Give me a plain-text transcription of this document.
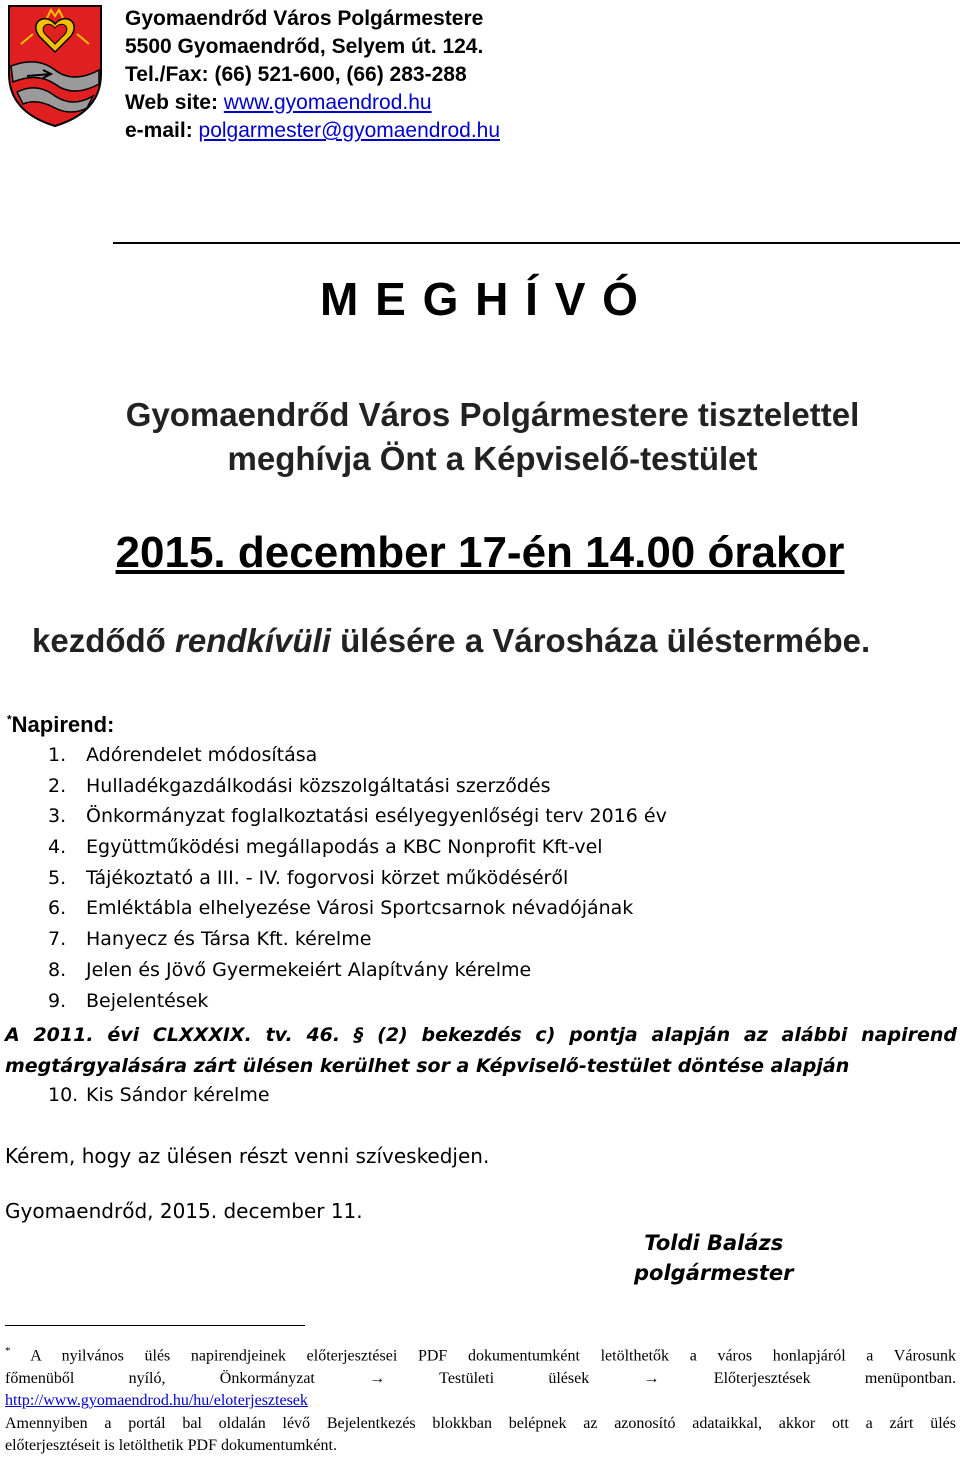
Gyomaendrőd Város Polgármestere
5500 Gyomaendrőd, Selyem út. 124.
Tel./Fax: (66) 521-600, (66) 283-288
Web site: www.gyomaendrod.hu
e-mail: polgarmester@gyomaendrod.hu
M E G H Í V Ó
Gyomaendrőd Város Polgármestere tisztelettel
meghívja Önt a Képviselő-testület
2015. december 17-én 14.00 órakor
kezdődő rendkívüli ülésére a Városháza üléstermébe.
*Napirend:
1. Adórendelet módosítása
2. Hulladékgazdálkodási közszolgáltatási szerződés
3. Önkormányzat foglalkoztatási esélyegyenlőségi terv 2016 év
4. Együttműködési megállapodás a KBC Nonprofit Kft-vel
5. Tájékoztató a III. - IV. fogorvosi körzet működéséről
6. Emléktábla elhelyezése Városi Sportcsarnok névadójának
7. Hanyecz és Társa Kft. kérelme
8. Jelen és Jövő Gyermekeiért Alapítvány kérelme
9. Bejelentések
A 2011. évi CLXXXIX. tv. 46. § (2) bekezdés c) pontja alapján az alábbi napirend megtárgyalására zárt ülésen kerülhet sor a Képviselő-testület döntése alapján
10. Kis Sándor kérelme
Kérem, hogy az ülésen részt venni szíveskedjen.
Gyomaendrőd, 2015. december 11.
Toldi Balázs
polgármester
* A nyilvános ülés napirendjeinek előterjesztései PDF dokumentumként letölthetők a város honlapjáról a Városunk
főmenüből nyíló, Önkormányzat	→	Testületi ülések	→	Előterjesztések menüpontban.
http://www.gyomaendrod.hu/hu/eloterjesztesek
Amennyiben a portál bal oldalán lévő Bejelentkezés blokkban belépnek az azonosító adataikkal, akkor ott a zárt ülés
előterjesztéseit is letölthetik PDF dokumentumként.
